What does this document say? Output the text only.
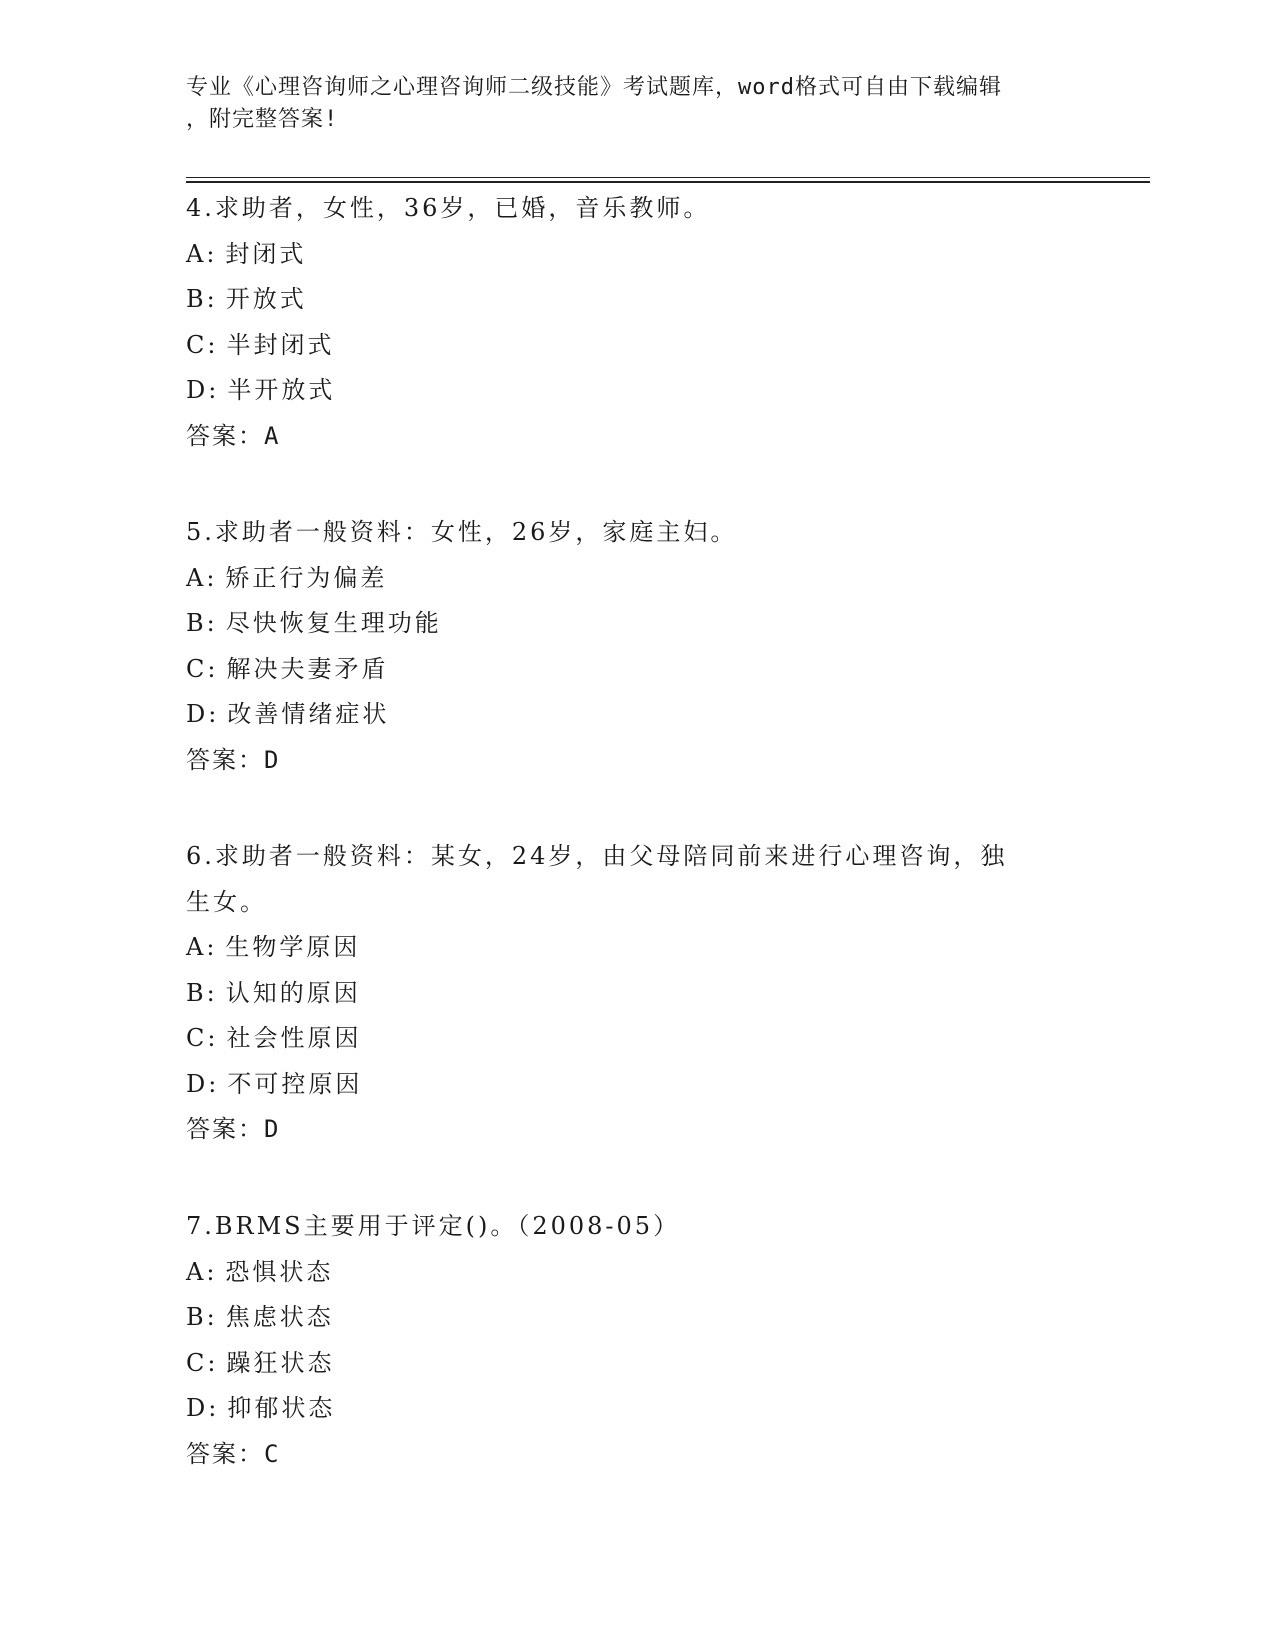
专业《心理咨询师之心理咨询师二级技能》考试题库，word格式可自由下载编辑
，附完整答案!
4.求助者，女性，36岁，已婚，音乐教师。
A: 封闭式
B: 开放式
C: 半封闭式
D: 半开放式
答案：A
5.求助者一般资料：女性，26岁，家庭主妇。
A: 矫正行为偏差
B: 尽快恢复生理功能
C: 解决夫妻矛盾
D: 改善情绪症状
答案：D
6.求助者一般资料：某女，24岁，由父母陪同前来进行心理咨询，独
生女。
A: 生物学原因
B: 认知的原因
C: 社会性原因
D: 不可控原因
答案：D
7.BRMS主要用于评定()。（2008-05）
A: 恐惧状态
B: 焦虑状态
C: 躁狂状态
D: 抑郁状态
答案：C
